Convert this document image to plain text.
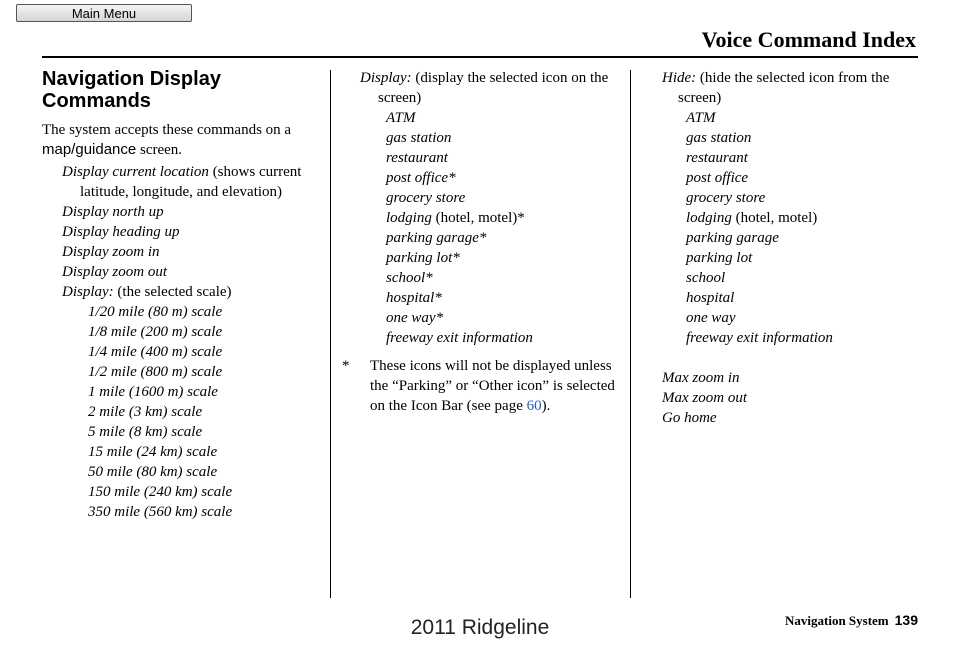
Main Menu
Voice Command Index
Navigation Display Commands

The system accepts these commands on a map/guidance screen.

Display current location (shows current latitude, longitude, and elevation)

Display north up

Display heading up

Display zoom in

Display zoom out

Display: (the selected scale)

1/20 mile (80 m) scale

1/8 mile (200 m) scale

1/4 mile (400 m) scale

1/2 mile (800 m) scale

1 mile (1600 m) scale

2 mile (3 km) scale

5 mile (8 km) scale

15 mile (24 km) scale

50 mile (80 km) scale

150 mile (240 km) scale

350 mile (560 km) scale

Display: (display the selected icon on the screen)

ATM

gas station

restaurant

post office*

grocery store

lodging (hotel, motel)*

parking garage*

parking lot*

school*

hospital*

one way*

freeway exit information

* These icons will not be displayed unless the “Parking” or “Other icon” is selected on the Icon Bar (see page 60).

Hide: (hide the selected icon from the screen)

ATM

gas station

restaurant

post office

grocery store

lodging (hotel, motel)

parking garage

parking lot

school

hospital

one way

freeway exit information

Max zoom in

Max zoom out

Go home

Navigation System 139
2011 Ridgeline
